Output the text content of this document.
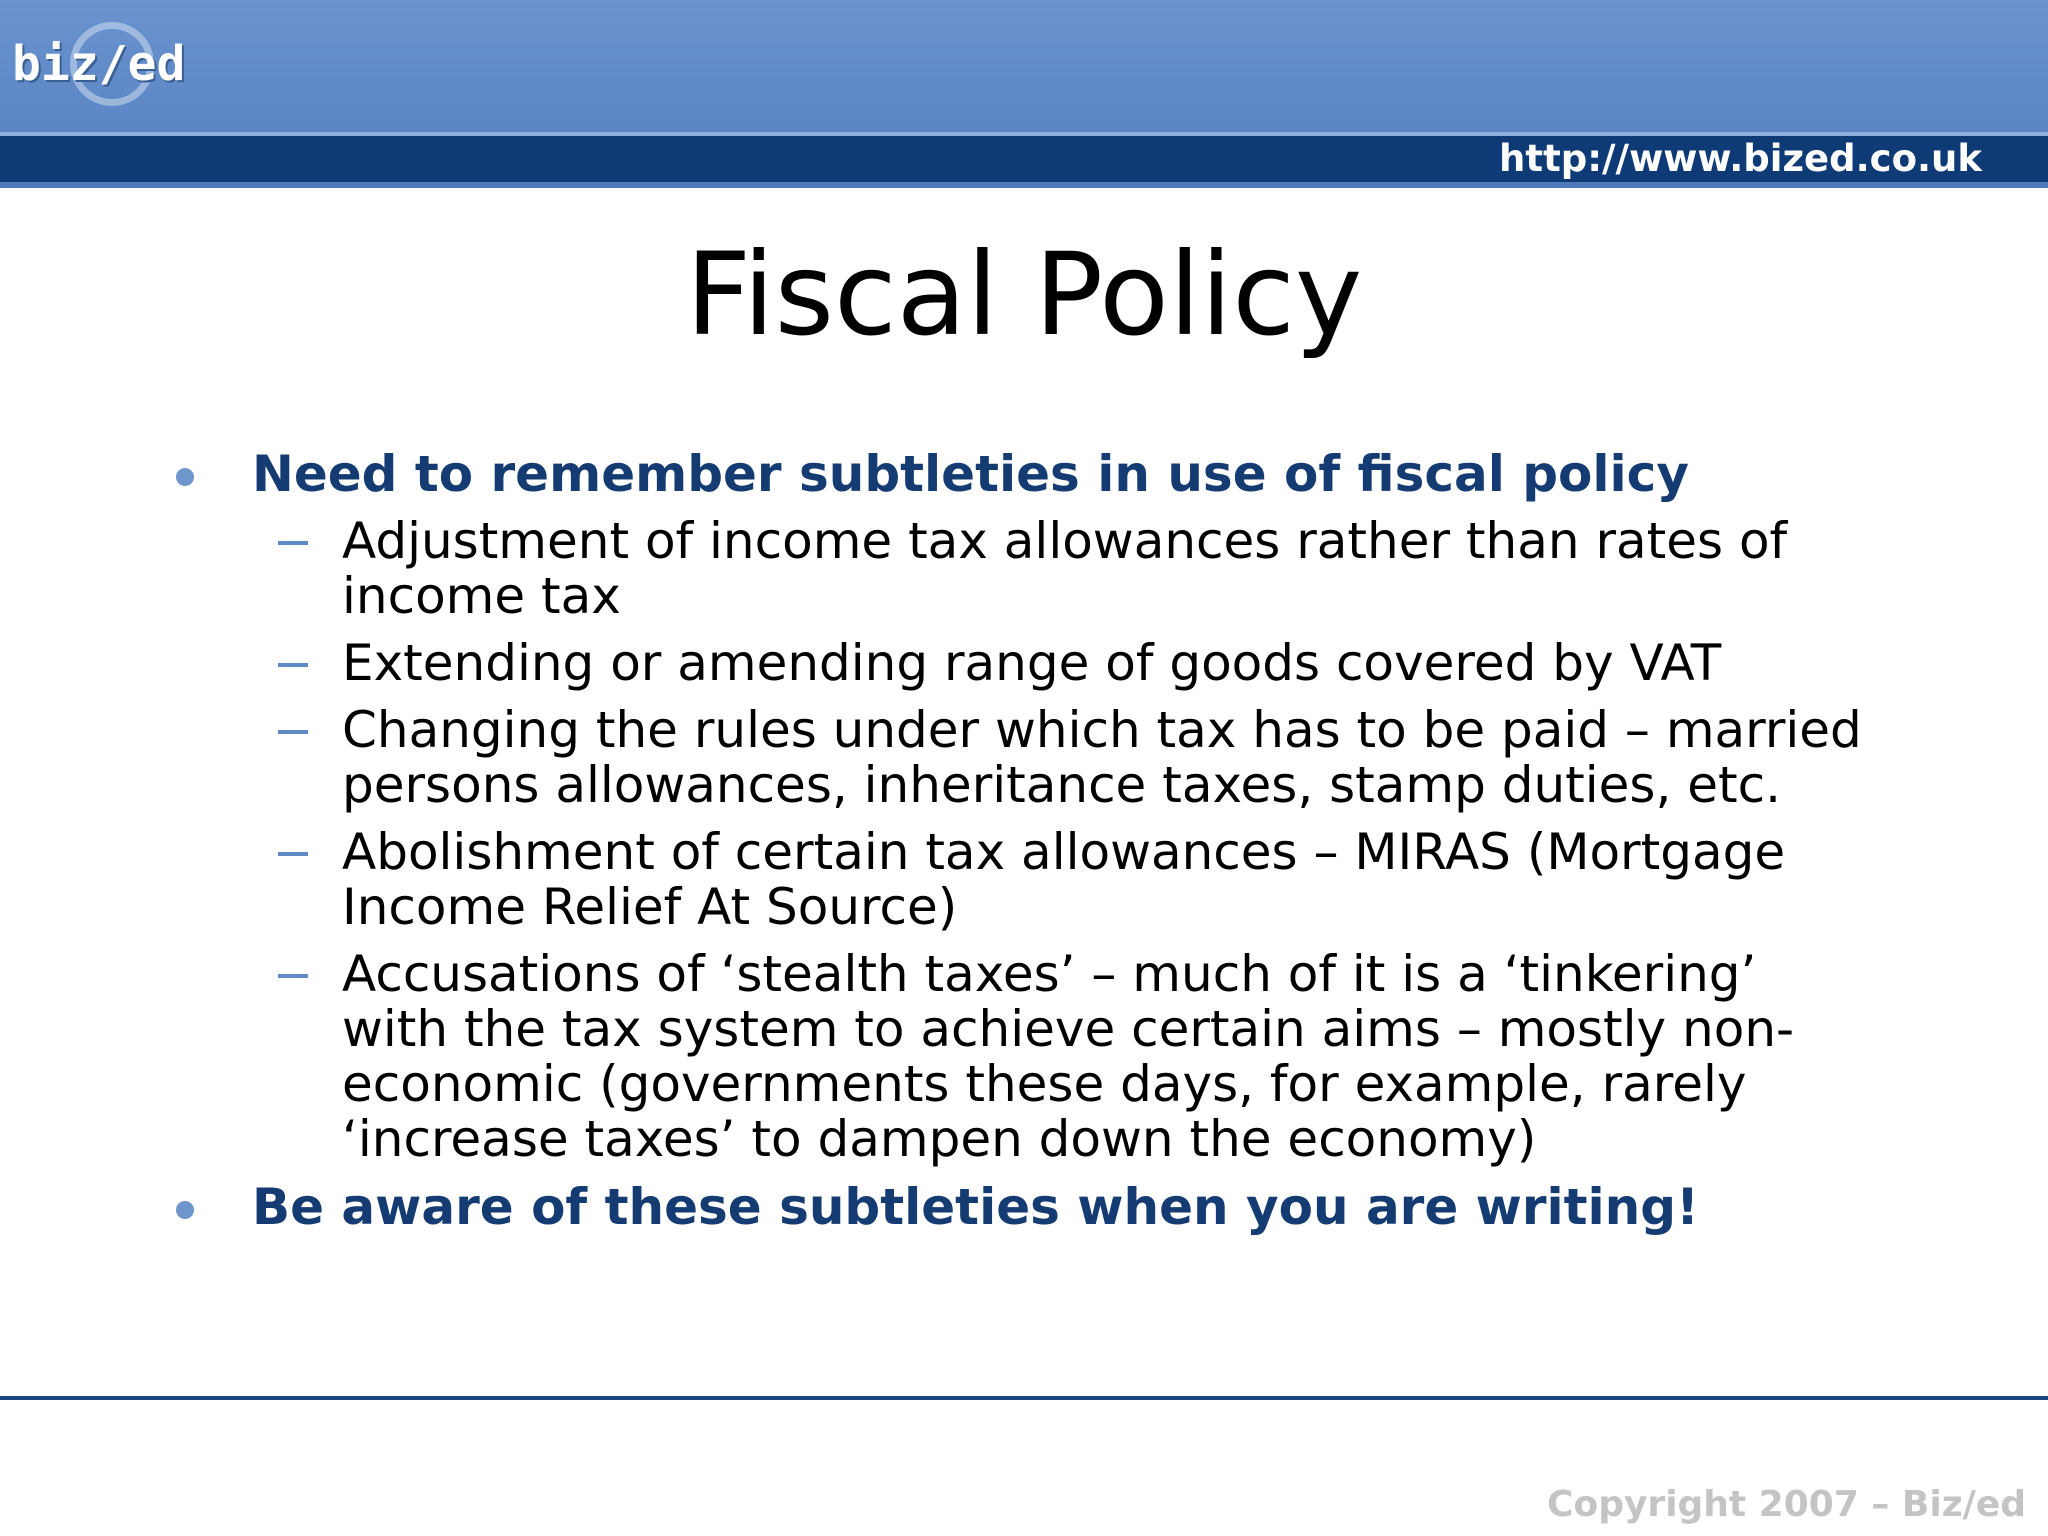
biz/ed
http://www.bized.co.uk
Fiscal Policy
Need to remember subtleties in use of fiscal policy
Adjustment of income tax allowances rather than rates of income tax
Extending or amending range of goods covered by VAT
Changing the rules under which tax has to be paid – married persons allowances, inheritance taxes, stamp duties, etc.
Abolishment of certain tax allowances – MIRAS (Mortgage Income Relief At Source)
Accusations of ‘stealth taxes’ – much of it is a ‘tinkering’ with the tax system to achieve certain aims – mostly non-economic (governments these days, for example, rarely ‘increase taxes’ to dampen down the economy)
Be aware of these subtleties when you are writing!
Copyright 2007 – Biz/ed
